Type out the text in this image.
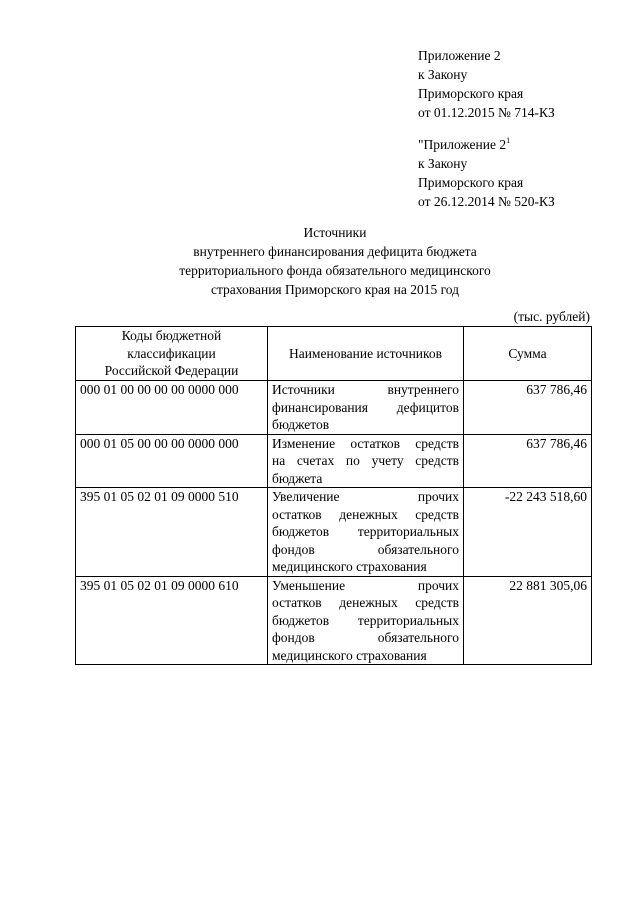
Приложение 2
к Закону
Приморского края
от 01.12.2015 № 714-КЗ
"Приложение $2^1$
к Закону
Приморского края
от 26.12.2014 № 520-КЗ
Источники
внутреннего финансирования дефицита бюджета
территориального фонда обязательного медицинского
страхования Приморского края на 2015 год
(тыс. рублей)
Коды бюджетной
классификации
Российской Федерации	Наименование источников	Сумма
000 01 00 00 00 00 0000 000	Источники внутреннего
финансирования дефицитов
бюджетов	637 786,46
000 01 05 00 00 00 0000 000	Изменение остатков средств
на счетах по учету средств
бюджета	637 786,46
395 01 05 02 01 09 0000 510	Увеличение прочих
остатков денежных средств
бюджетов территориальных
фондов обязательного
медицинского страхования	-22 243 518,60
395 01 05 02 01 09 0000 610	Уменьшение прочих
остатков денежных средств
бюджетов территориальных
фондов обязательного
медицинского страхования	22 881 305,06
